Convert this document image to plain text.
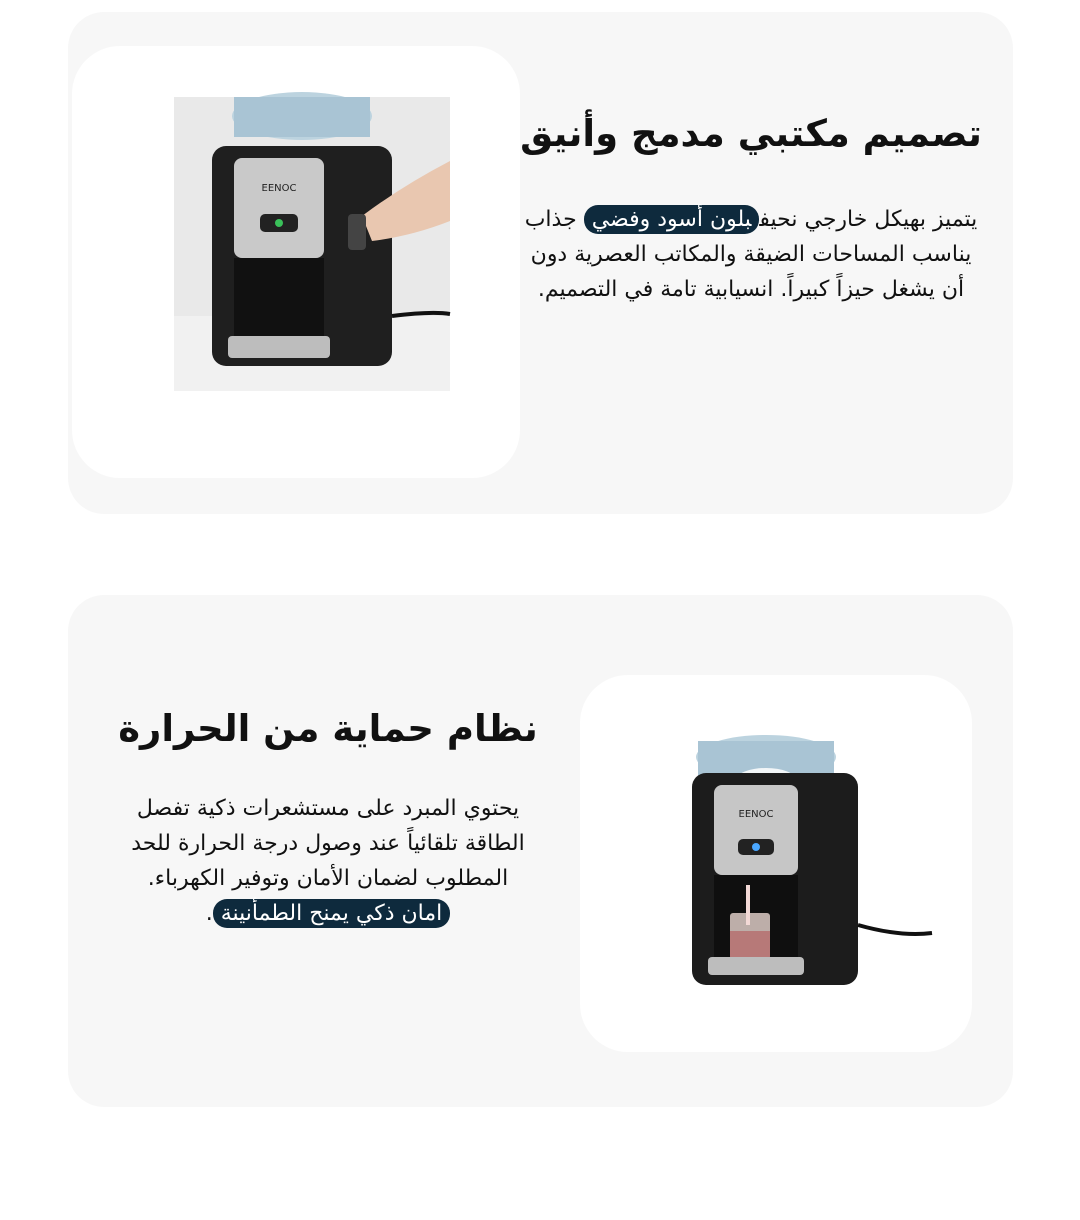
تصميم مكتبي مدمج وأنيق

يتميز بهيكل خارجي نحيفبلون أسود وفضي جذاب يناسب المساحات الضيقة والمكاتب العصرية دون أن يشغل حيزاً كبيراً. انسيابية تامة في التصميم.

EENOC
نظام حماية من الحرارة

يحتوي المبرد على مستشعرات ذكية تفصل الطاقة تلقائياً عند وصول درجة الحرارة للحد المطلوب لضمان الأمان وتوفير الكهرباء.
امان ذكي يمنح الطمأنينة.

EENOC
